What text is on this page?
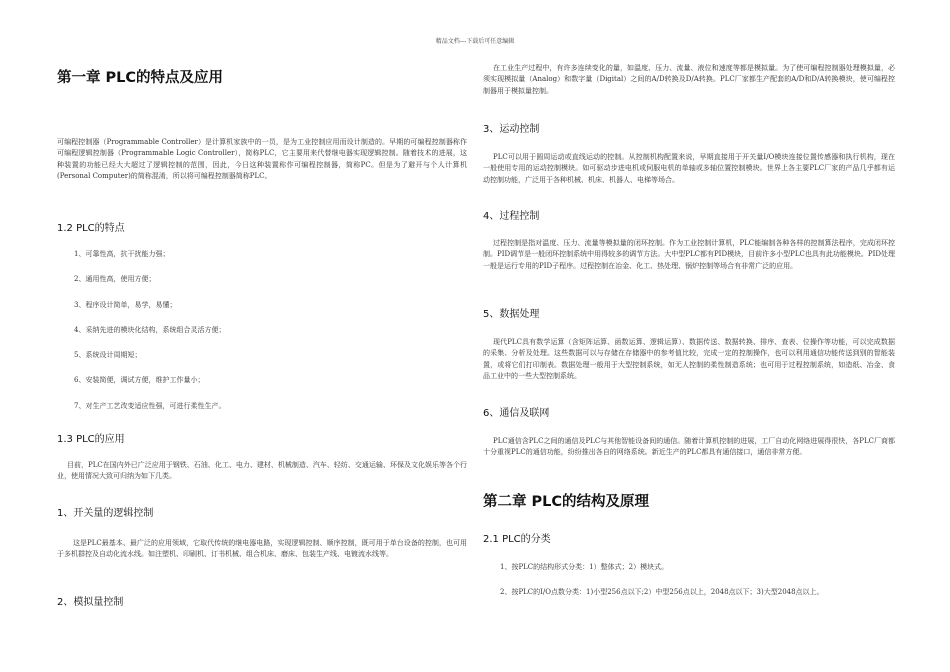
精品文档---下载后可任意编辑
第一章 PLC的特点及应用
可编程控制器（Programmable Controller）是计算机家族中的一员，是为工业控制应用而设计制造的。早期的可编程控制器称作可编程逻辑控制器（Programmable Logic Controller），简称PLC，它主要用来代替继电器实现逻辑控制。随着技术的进展，这种装置的功能已经大大超过了逻辑控制的范围，因此，今日这种装置称作可编程控制器，简称PC。但是为了避开与个人计算机(Personal Computer)的简称混淆，所以将可编程控制器简称PLC。
1.2 PLC的特点
1、可靠性高，抗干扰能力强；
2、通用性高，使用方便；
3、程序设计简单，易学，易懂；
4、采纳先进的模块化结构，系统组合灵活方便；
5、系统设计周期短；
6、安装简便，调试方便，维护工作量小；
7、对生产工艺改变适应性强，可进行柔性生产。
1.3 PLC的应用
目前，PLC在国内外已广泛应用于钢铁、石油、化工、电力、建材、机械制造、汽车、轻纺、交通运输、环保及文化娱乐等各个行业，使用情况大致可归纳为如下几类。
1、开关量的逻辑控制
这是PLC最基本、最广泛的应用领域，它取代传统的继电器电路，实现逻辑控制、顺序控制，既可用于单台设备的控制，也可用于多机群控及自动化流水线。如注塑机、印刷机、订书机械、组合机床、磨床、包装生产线、电镀流水线等。
2、模拟量控制
在工业生产过程中，有许多连续变化的量，如温度、压力、流量、液位和速度等都是模拟量。为了使可编程控制器处理模拟量，必须实现模拟量（Analog）和数字量（Digital）之间的A/D转换及D/A转换。PLC厂家都生产配套的A/D和D/A转换模块，使可编程控制器用于模拟量控制。
3、运动控制
PLC可以用于圆周运动或直线运动的控制。从控制机构配置来说，早期直接用于开关量I/O模块连接位置传感器和执行机构，现在一般使用专用的运动控制模块。如可驱动步进电机或伺服电机的单轴或多轴位置控制模块。世界上各主要PLC厂家的产品几乎都有运动控制功能，广泛用于各种机械、机床、机器人、电梯等场合。
4、过程控制
过程控制是指对温度、压力、流量等模拟量的闭环控制。作为工业控制计算机，PLC能编制各种各样的控制算法程序，完成闭环控制。PID调节是一般闭环控制系统中用得较多的调节方法。大中型PLC都有PID模块，目前许多小型PLC也具有此功能模块。PID处理一般是运行专用的PID子程序。过程控制在冶金、化工、热处理、锅炉控制等场合有非常广泛的应用。
5、数据处理
现代PLC具有数学运算（含矩阵运算、函数运算、逻辑运算）、数据传送、数据转换、排序、查表、位操作等功能，可以完成数据的采集、分析及处理。这些数据可以与存储在存储器中的参考值比较，完成一定的控制操作，也可以利用通信功能传送到别的智能装置，或将它们打印制表。数据处理一般用于大型控制系统，如无人控制的柔性制造系统；也可用于过程控制系统，如造纸、冶金、食品工业中的一些大型控制系统。
6、通信及联网
PLC通信含PLC之间的通信及PLC与其他智能设备间的通信。随着计算机控制的进展，工厂自动化网络进展得很快，各PLC厂商都十分重视PLC的通信功能，纷纷推出各自的网络系统。新近生产的PLC都具有通信接口，通信非常方便。
第二章 PLC的结构及原理
2.1 PLC的分类
1、按PLC的结构形式分类：1）整体式；2）模块式。
2、按PLC的I/O点数分类：1)小型256点以下;2）中型256点以上，2048点以下；3)大型2048点以上。
